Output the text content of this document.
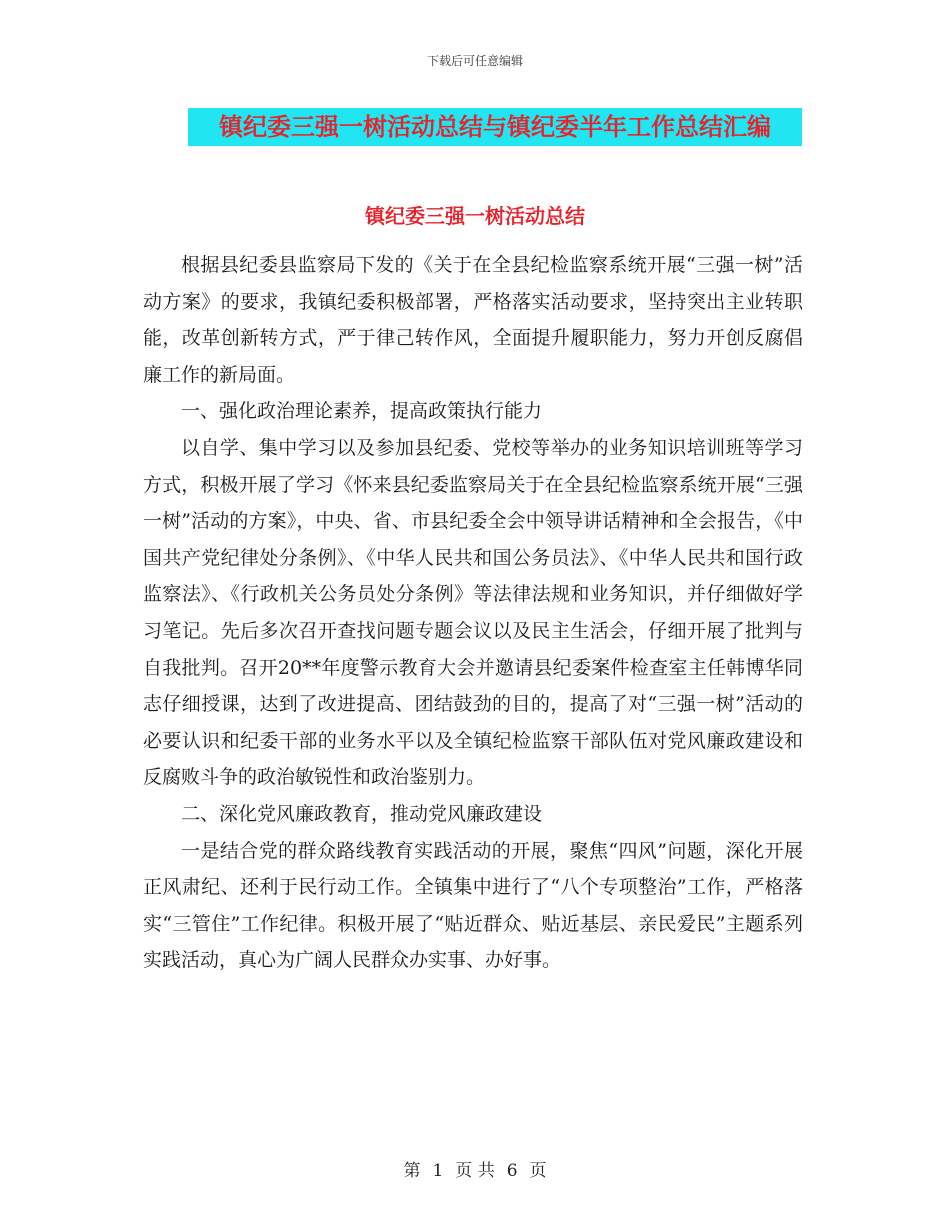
下载后可任意编辑
镇纪委三强一树活动总结与镇纪委半年工作总结汇编
镇纪委三强一树活动总结

根据县纪委县监察局下发的《关于在全县纪检监察系统开展“三强一树”活动方案》的要求，我镇纪委积极部署，严格落实活动要求，坚持突出主业转职能，改革创新转方式，严于律己转作风，全面提升履职能力，努力开创反腐倡廉工作的新局面。

一、强化政治理论素养，提高政策执行能力

以自学、集中学习以及参加县纪委、党校等举办的业务知识培训班等学习方式，积极开展了学习《怀来县纪委监察局关于在全县纪检监察系统开展“三强一树”活动的方案》，中央、省、市县纪委全会中领导讲话精神和全会报告，《中国共产党纪律处分条例》、《中华人民共和国公务员法》、《中华人民共和国行政监察法》、《行政机关公务员处分条例》等法律法规和业务知识，并仔细做好学习笔记。先后多次召开查找问题专题会议以及民主生活会，仔细开展了批判与自我批判。召开20**年度警示教育大会并邀请县纪委案件检查室主任韩博华同志仔细授课，达到了改进提高、团结鼓劲的目的，提高了对“三强一树”活动的必要认识和纪委干部的业务水平以及全镇纪检监察干部队伍对党风廉政建设和反腐败斗争的政治敏锐性和政治鉴别力。

二、深化党风廉政教育，推动党风廉政建设

一是结合党的群众路线教育实践活动的开展，聚焦“四风”问题，深化开展正风肃纪、还利于民行动工作。全镇集中进行了“八个专项整治”工作，严格落实“三管住”工作纪律。积极开展了“贴近群众、贴近基层、亲民爱民”主题系列实践活动，真心为广阔人民群众办实事、办好事。

第 1 页 共 6 页
